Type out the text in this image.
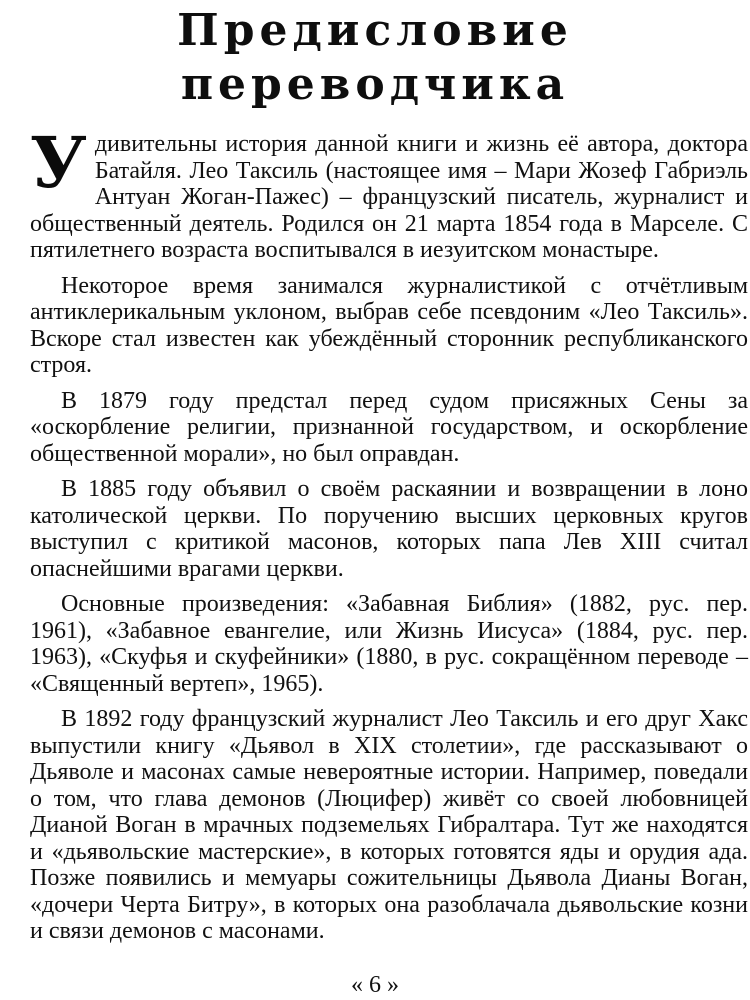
Предисловие
переводчика

Удивительны история данной книги и жизнь её автора, доктора Батайля. Лео Таксиль (настоящее имя – Мари Жозеф Габриэль Антуан Жоган-Пажес) – французский писатель, журналист и общественный деятель. Родился он 21 марта 1854 года в Марселе. С пятилетнего возраста воспитывался в иезуитском монастыре.

Некоторое время занимался журналистикой с отчётливым антиклерикальным уклоном, выбрав себе псевдоним «Лео Таксиль». Вскоре стал известен как убеждённый сторонник республиканского строя.

В 1879 году предстал перед судом присяжных Сены за «оскорбление религии, признанной государством, и оскорбление общественной морали», но был оправдан.

В 1885 году объявил о своём раскаянии и возвращении в лоно католической церкви. По поручению высших церковных кругов выступил с критикой масонов, которых папа Лев XIII считал опаснейшими врагами церкви.

Основные произведения: «Забавная Библия» (1882, рус. пер. 1961), «Забавное евангелие, или Жизнь Иисуса» (1884, рус. пер. 1963), «Скуфья и скуфейники» (1880, в рус. сокращённом переводе – «Священный вертеп», 1965).

В 1892 году французский журналист Лео Таксиль и его друг Хакс выпустили книгу «Дьявол в XIX столетии», где рассказывают о Дьяволе и масонах самые невероятные истории. Например, поведали о том, что глава демонов (Люцифер) живёт со своей любовницей Дианой Воган в мрачных подземельях Гибралтара. Тут же находятся и «дьявольские мастерские», в которых готовятся яды и орудия ада. Позже появились и мемуары сожительницы Дьявола Дианы Воган, «дочери Черта Битру», в которых она разоблачала дьявольские козни и связи демонов с масонами.

« 6 »
